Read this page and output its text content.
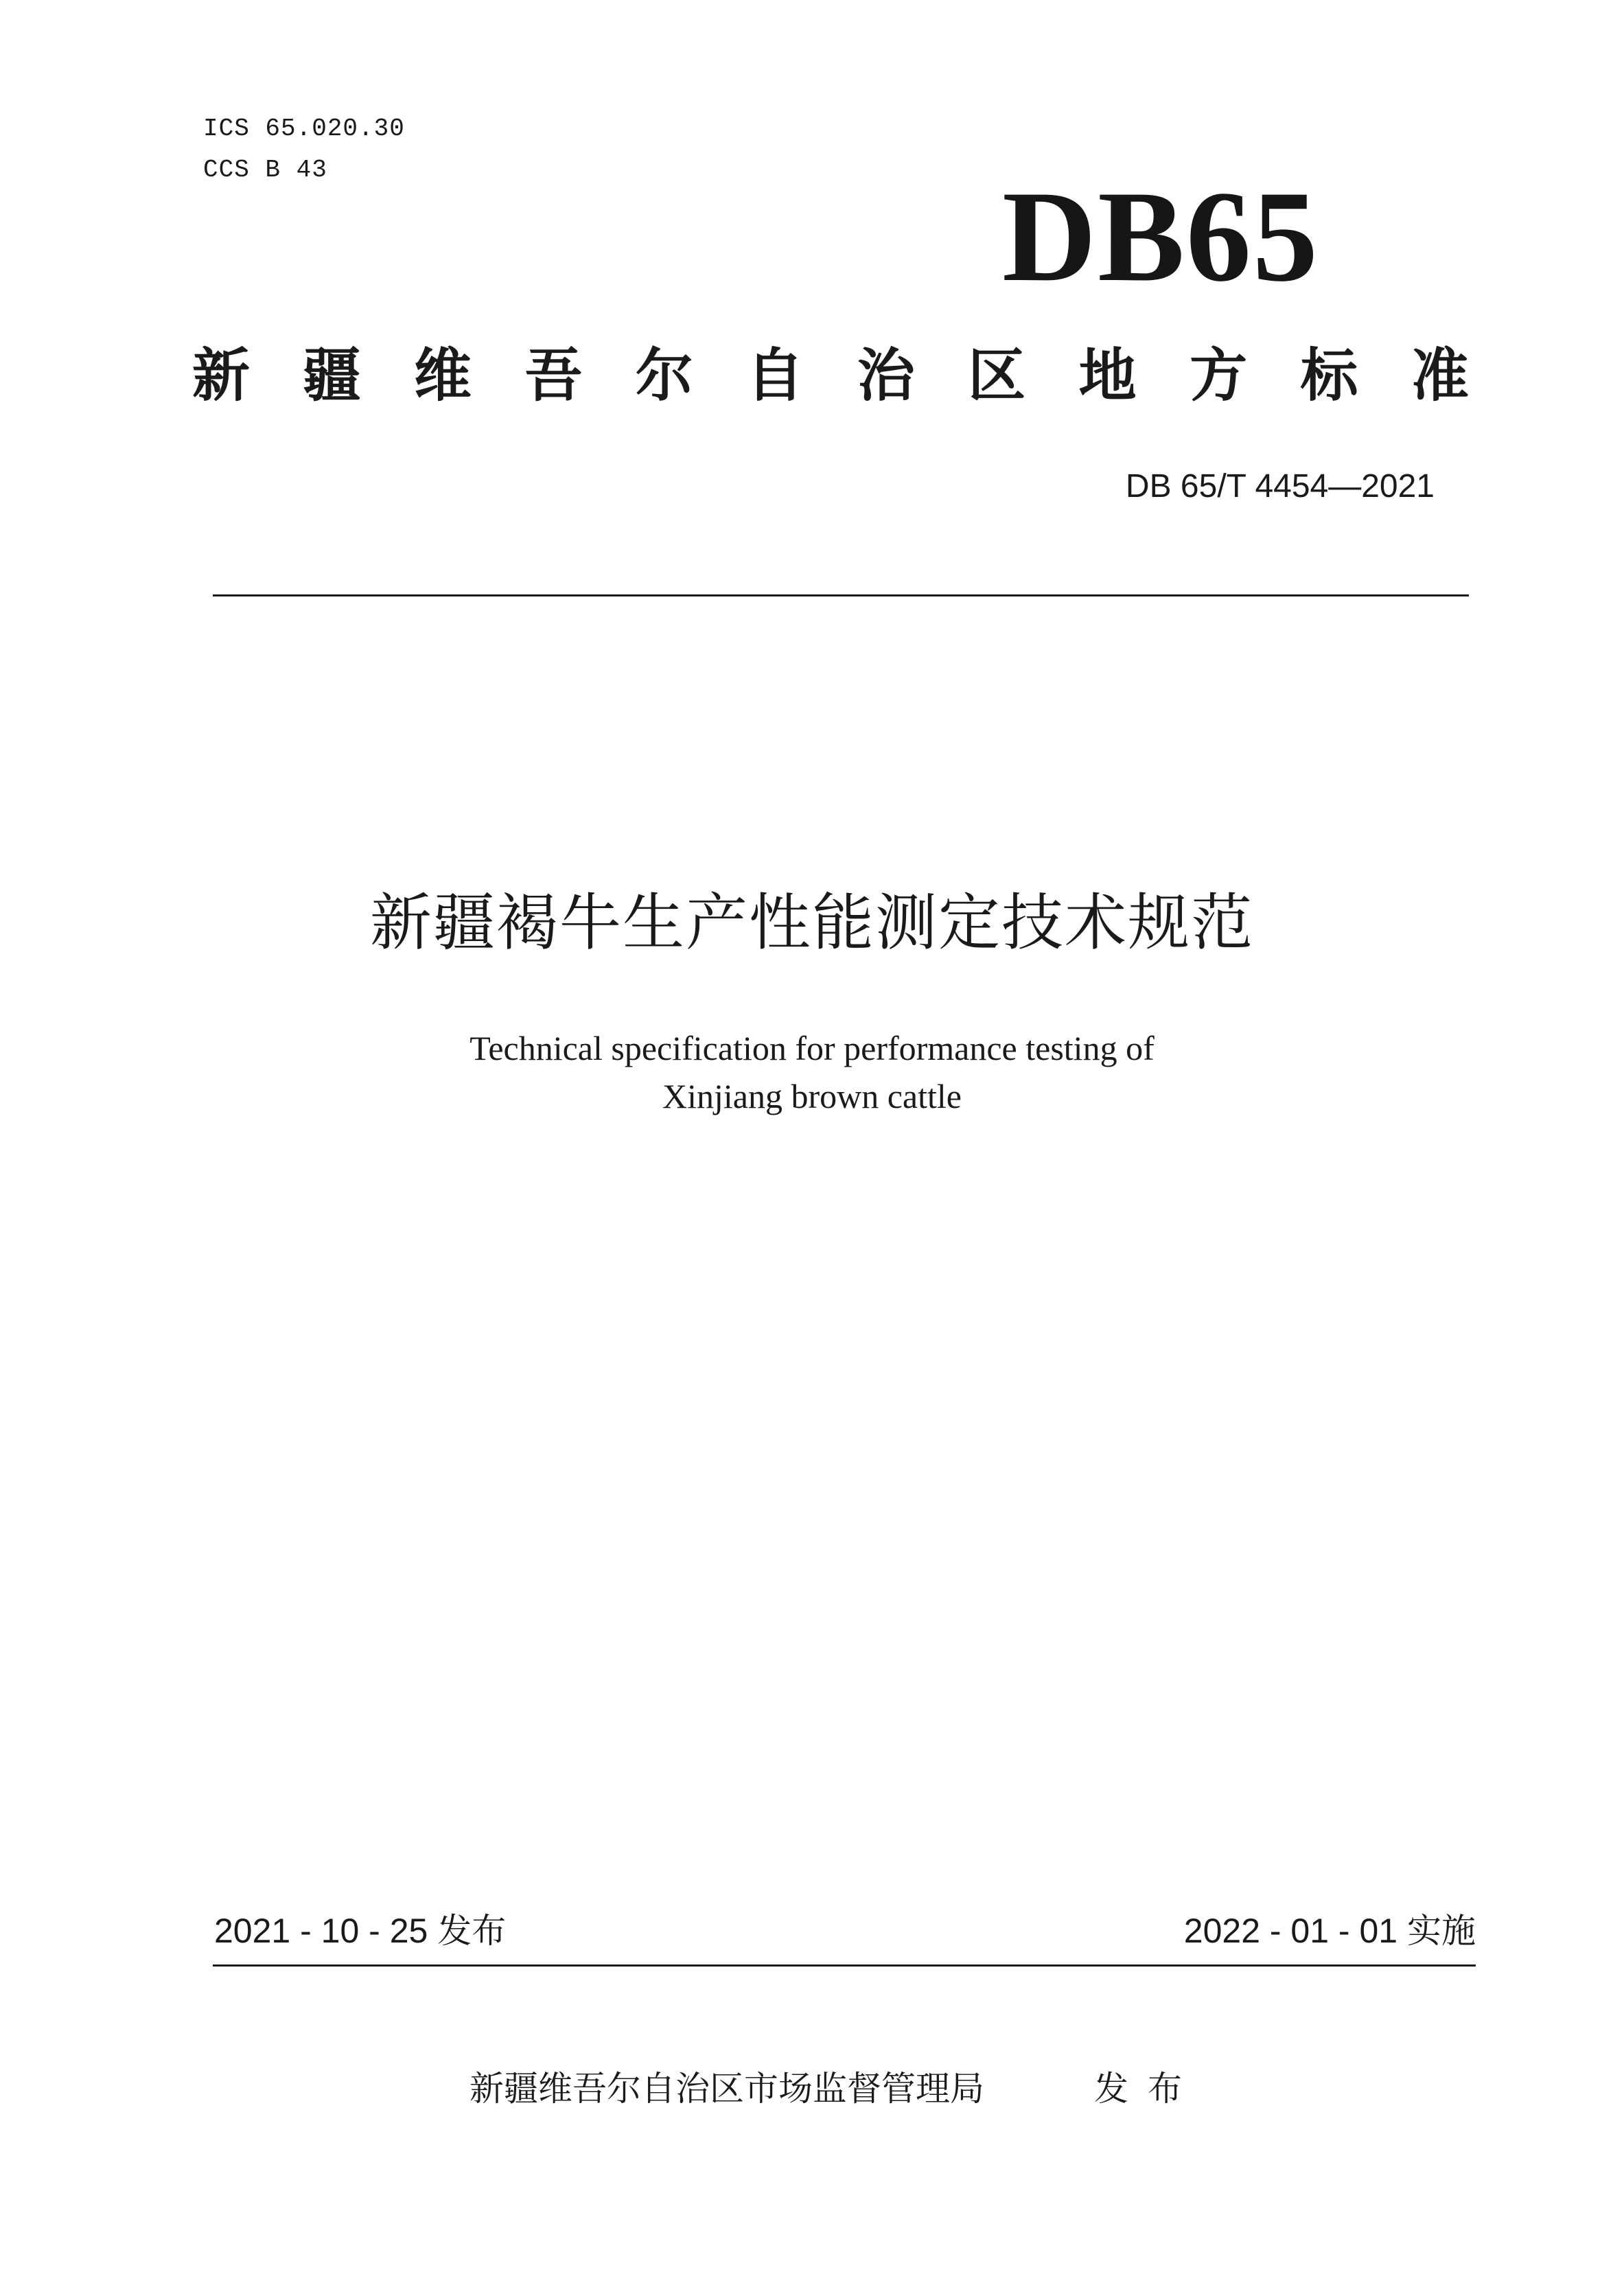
ICS 65.020.30
CCS B 43	DB65
新 疆 维 吾 尔 自 治 区 地 方 标 准
DB 65/T 4454—2021
新疆褐牛生产性能测定技术规范
Technical specification for performance testing of
Xinjiang brown cattle
2021 - 10 - 25 发布	2022 - 01 - 01 实施
新疆维吾尔自治区市场监督管理局	发布
